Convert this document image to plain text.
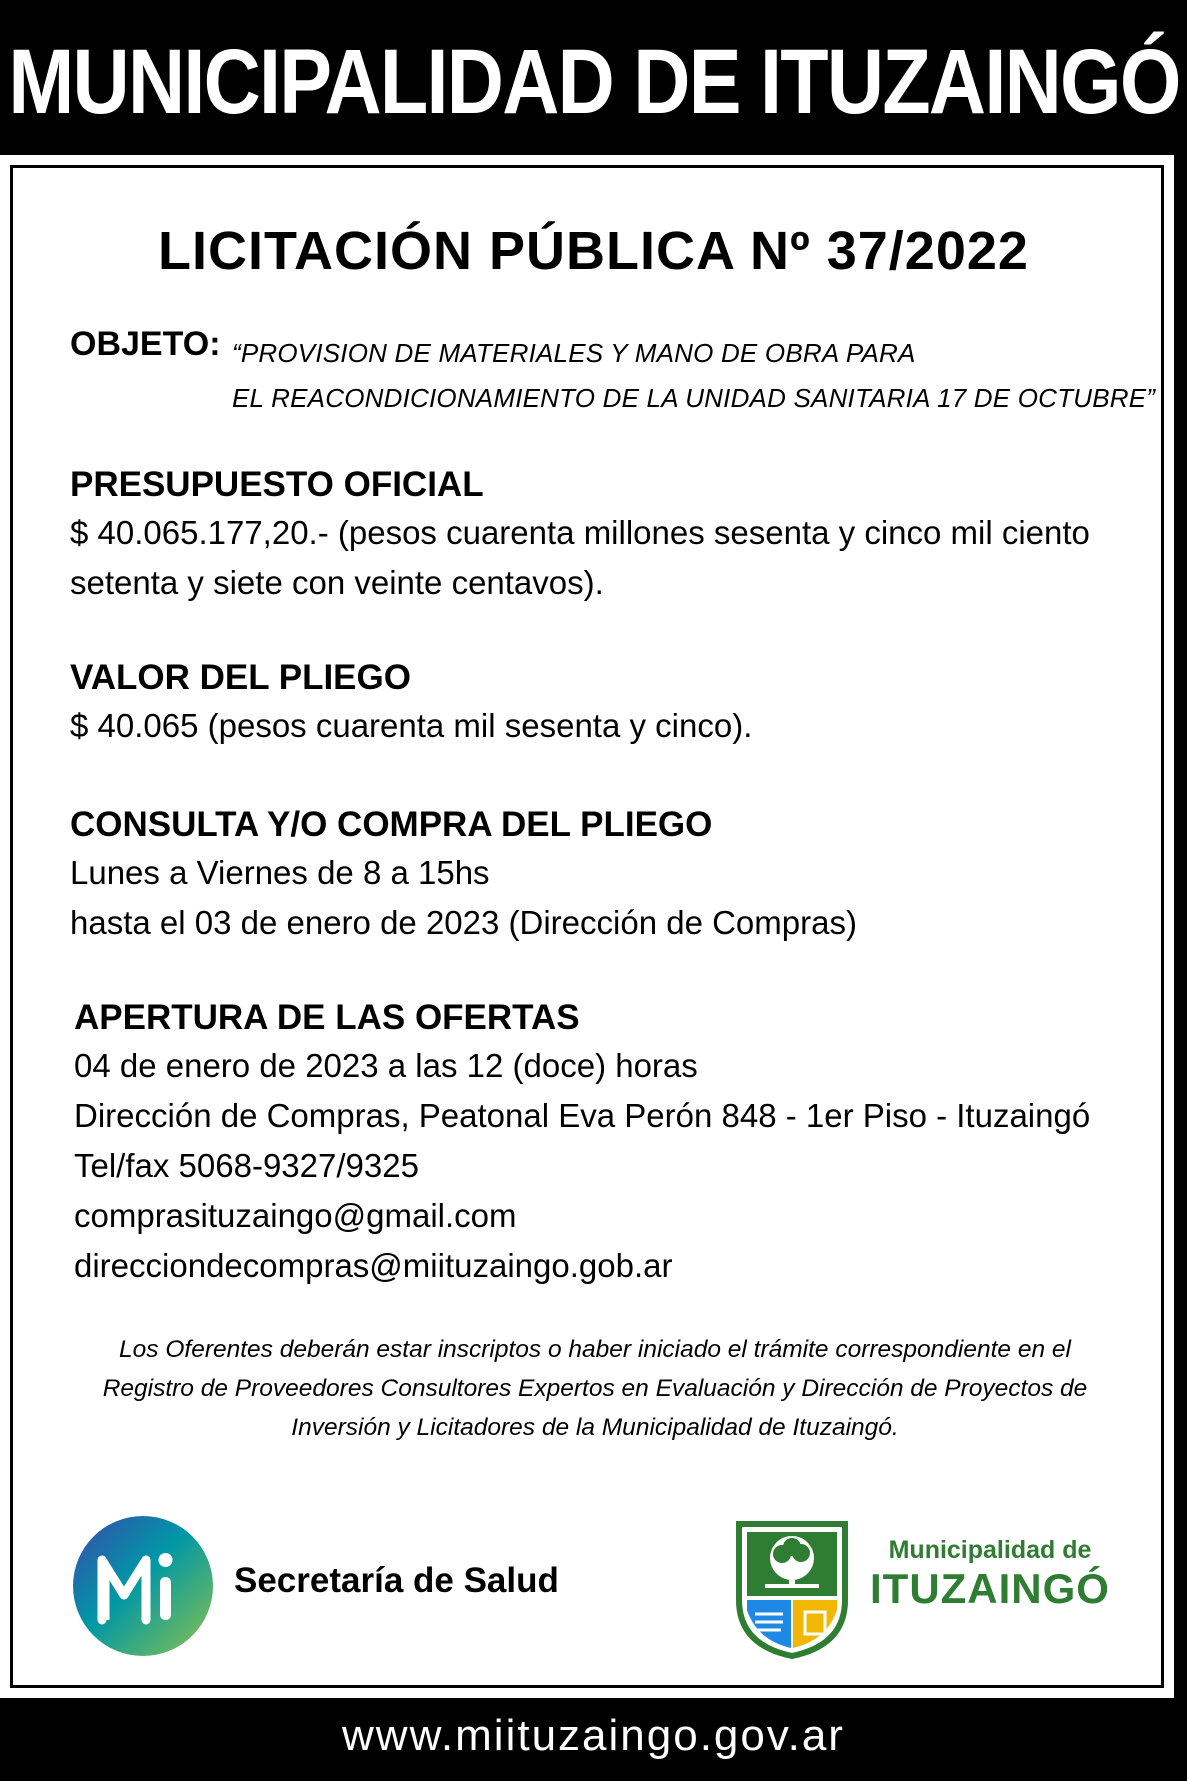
MUNICIPALIDAD DE ITUZAINGÓ
LICITACIÓN PÚBLICA Nº 37/2022
OBJETO: “PROVISION DE MATERIALES Y MANO DE OBRA PARA
EL REACONDICIONAMIENTO DE LA UNIDAD SANITARIA 17 DE OCTUBRE”
PRESUPUESTO OFICIAL

$ 40.065.177,20.- (pesos cuarenta millones sesenta y cinco mil ciento

setenta y siete con veinte centavos).

VALOR DEL PLIEGO

$ 40.065 (pesos cuarenta mil sesenta y cinco).

CONSULTA Y/O COMPRA DEL PLIEGO

Lunes a Viernes de 8 a 15hs

hasta el 03 de enero de 2023 (Dirección de Compras)

APERTURA DE LAS OFERTAS

04 de enero de 2023 a las 12 (doce) horas

Dirección de Compras, Peatonal Eva Perón 848 - 1er Piso - Ituzaingó

Tel/fax 5068-9327/9325

comprasituzaingo@gmail.com

direcciondecompras@miituzaingo.gob.ar

Los Oferentes deberán estar inscriptos o haber iniciado el trámite correspondiente en el
Registro de Proveedores Consultores Expertos en Evaluación y Dirección de Proyectos de
Inversión y Licitadores de la Municipalidad de Ituzaingó.
Secretaría de Salud
Municipalidad de
ITUZAINGÓ
www.miituzaingo.gov.ar
